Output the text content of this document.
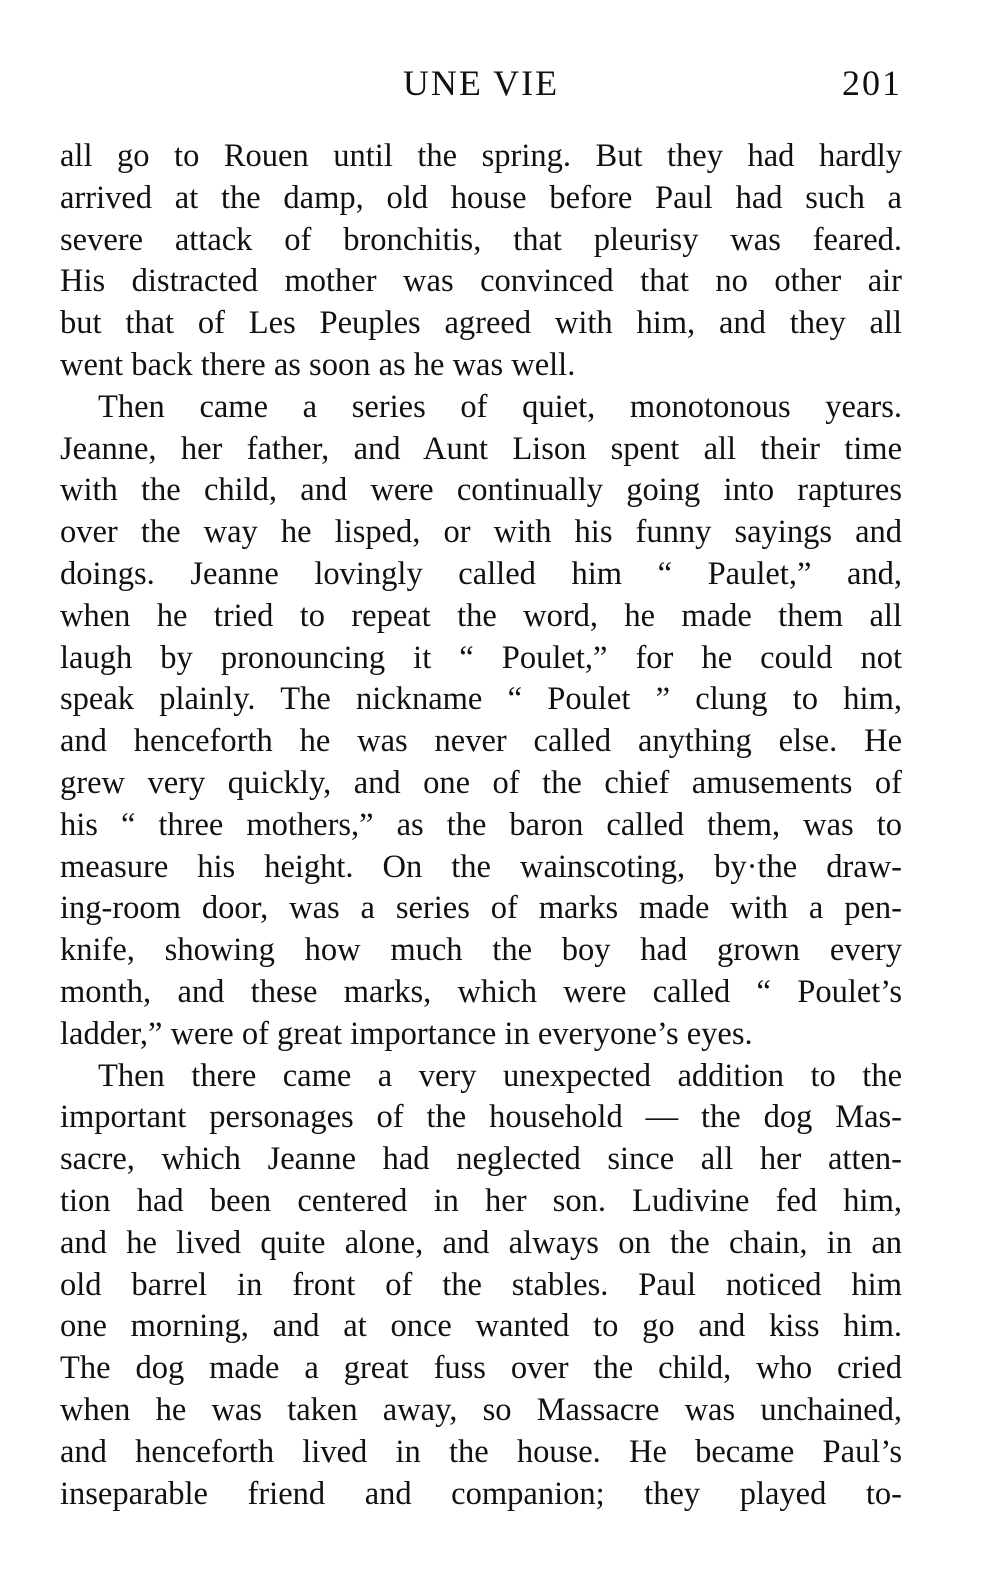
UNE VIE	201
all go to Rouen until the spring. But they had hardly
arrived at the damp, old house before Paul had such a
severe attack of bronchitis, that pleurisy was feared.
His distracted mother was convinced that no other air
but that of Les Peuples agreed with him, and they all
went back there as soon as he was well.
Then came a series of quiet, monotonous years.
Jeanne, her father, and Aunt Lison spent all their time
with the child, and were continually going into raptures
over the way he lisped, or with his funny sayings and
doings. Jeanne lovingly called him “ Paulet,” and,
when he tried to repeat the word, he made them all
laugh by pronouncing it “ Poulet,” for he could not
speak plainly. The nickname “ Poulet ” clung to him,
and henceforth he was never called anything else. He
grew very quickly, and one of the chief amusements of
his “ three mothers,” as the baron called them, was to
measure his height. On the wainscoting, by·the draw-
ing-room door, was a series of marks made with a pen-
knife, showing how much the boy had grown every
month, and these marks, which were called “ Poulet’s
ladder,” were of great importance in everyone’s eyes.
Then there came a very unexpected addition to the
important personages of the household — the dog Mas-
sacre, which Jeanne had neglected since all her atten-
tion had been centered in her son. Ludivine fed him,
and he lived quite alone, and always on the chain, in an
old barrel in front of the stables. Paul noticed him
one morning, and at once wanted to go and kiss him.
The dog made a great fuss over the child, who cried
when he was taken away, so Massacre was unchained,
and henceforth lived in the house. He became Paul’s
inseparable friend and companion; they played to-
